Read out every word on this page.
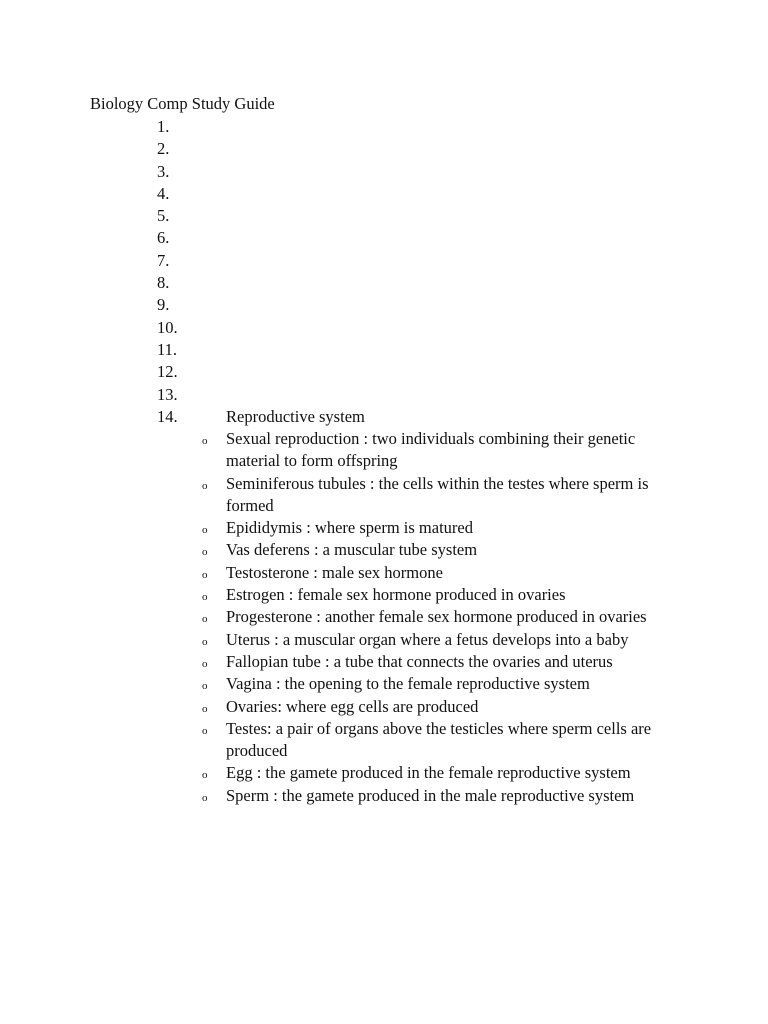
Biology Comp Study Guide
1.
2.
3.
4.
5.
6.
7.
8.
9.
10.
11.
12.
13.
14.	Reproductive system
o Sexual reproduction : two individuals combining their genetic material to form offspring
o Seminiferous tubules : the cells within the testes where sperm is formed
o Epididymis : where sperm is matured
o Vas deferens : a muscular tube system
o Testosterone : male sex hormone
o Estrogen : female sex hormone produced in ovaries
o Progesterone : another female sex hormone produced in ovaries
o Uterus : a muscular organ where a fetus develops into a baby
o Fallopian tube : a tube that connects the ovaries and uterus
o Vagina : the opening to the female reproductive system
o Ovaries: where egg cells are produced
o Testes: a pair of organs above the testicles where sperm cells are produced
o Egg : the gamete produced in the female reproductive system
o Sperm : the gamete produced in the male reproductive system
